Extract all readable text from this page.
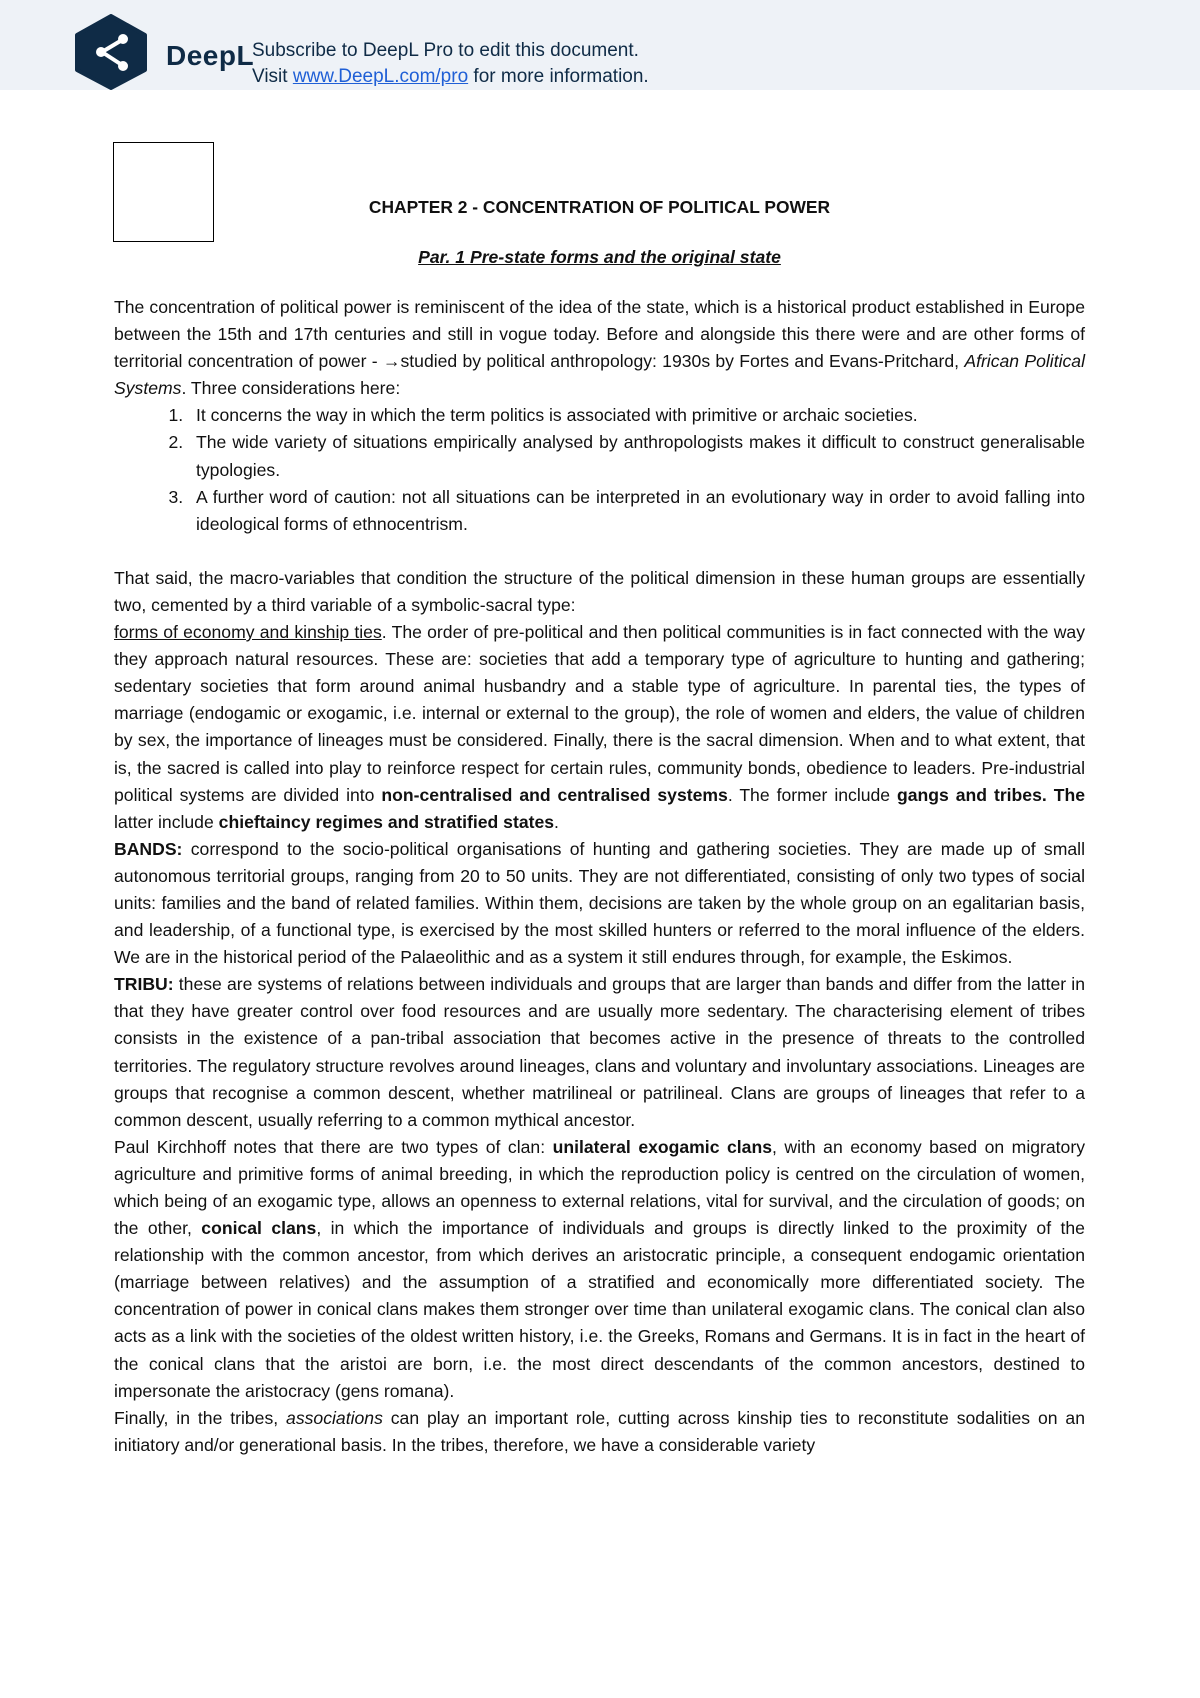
DeepL
Subscribe to DeepL Pro to edit this document.
Visit www.DeepL.com/pro for more information.
CHAPTER 2 - CONCENTRATION OF POLITICAL POWER
Par. 1 Pre-state forms and the original state

The concentration of political power is reminiscent of the idea of the state, which is a historical product established in Europe between the 15th and 17th centuries and still in vogue today. Before and alongside this there were and are other forms of territorial concentration of power - →studied by political anthropology: 1930s by Fortes and Evans-Pritchard, African Political Systems. Three considerations here:

1. It concerns the way in which the term politics is associated with primitive or archaic societies.
2. The wide variety of situations empirically analysed by anthropologists makes it difficult to construct generalisable typologies.
3. A further word of caution: not all situations can be interpreted in an evolutionary way in order to avoid falling into ideological forms of ethnocentrism.

That said, the macro-variables that condition the structure of the political dimension in these human groups are essentially two, cemented by a third variable of a symbolic-sacral type:

forms of economy and kinship ties. The order of pre-political and then political communities is in fact connected with the way they approach natural resources. These are: societies that add a temporary type of agriculture to hunting and gathering; sedentary societies that form around animal husbandry and a stable type of agriculture. In parental ties, the types of marriage (endogamic or exogamic, i.e. internal or external to the group), the role of women and elders, the value of children by sex, the importance of lineages must be considered. Finally, there is the sacral dimension. When and to what extent, that is, the sacred is called into play to reinforce respect for certain rules, community bonds, obedience to leaders. Pre-industrial political systems are divided into non-centralised and centralised systems. The former include gangs and tribes. The latter include chieftaincy regimes and stratified states.

BANDS: correspond to the socio-political organisations of hunting and gathering societies. They are made up of small autonomous territorial groups, ranging from 20 to 50 units. They are not differentiated, consisting of only two types of social units: families and the band of related families. Within them, decisions are taken by the whole group on an egalitarian basis, and leadership, of a functional type, is exercised by the most skilled hunters or referred to the moral influence of the elders. We are in the historical period of the Palaeolithic and as a system it still endures through, for example, the Eskimos.

TRIBU: these are systems of relations between individuals and groups that are larger than bands and differ from the latter in that they have greater control over food resources and are usually more sedentary. The characterising element of tribes consists in the existence of a pan-tribal association that becomes active in the presence of threats to the controlled territories. The regulatory structure revolves around lineages, clans and voluntary and involuntary associations. Lineages are groups that recognise a common descent, whether matrilineal or patrilineal. Clans are groups of lineages that refer to a common descent, usually referring to a common mythical ancestor.

Paul Kirchhoff notes that there are two types of clan: unilateral exogamic clans, with an economy based on migratory agriculture and primitive forms of animal breeding, in which the reproduction policy is centred on the circulation of women, which being of an exogamic type, allows an openness to external relations, vital for survival, and the circulation of goods; on the other, conical clans, in which the importance of individuals and groups is directly linked to the proximity of the relationship with the common ancestor, from which derives an aristocratic principle, a consequent endogamic orientation (marriage between relatives) and the assumption of a stratified and economically more differentiated society. The concentration of power in conical clans makes them stronger over time than unilateral exogamic clans. The conical clan also acts as a link with the societies of the oldest written history, i.e. the Greeks, Romans and Germans. It is in fact in the heart of the conical clans that the aristoi are born, i.e. the most direct descendants of the common ancestors, destined to impersonate the aristocracy (gens romana).

Finally, in the tribes, associations can play an important role, cutting across kinship ties to reconstitute sodalities on an initiatory and/or generational basis. In the tribes, therefore, we have a considerable variety
